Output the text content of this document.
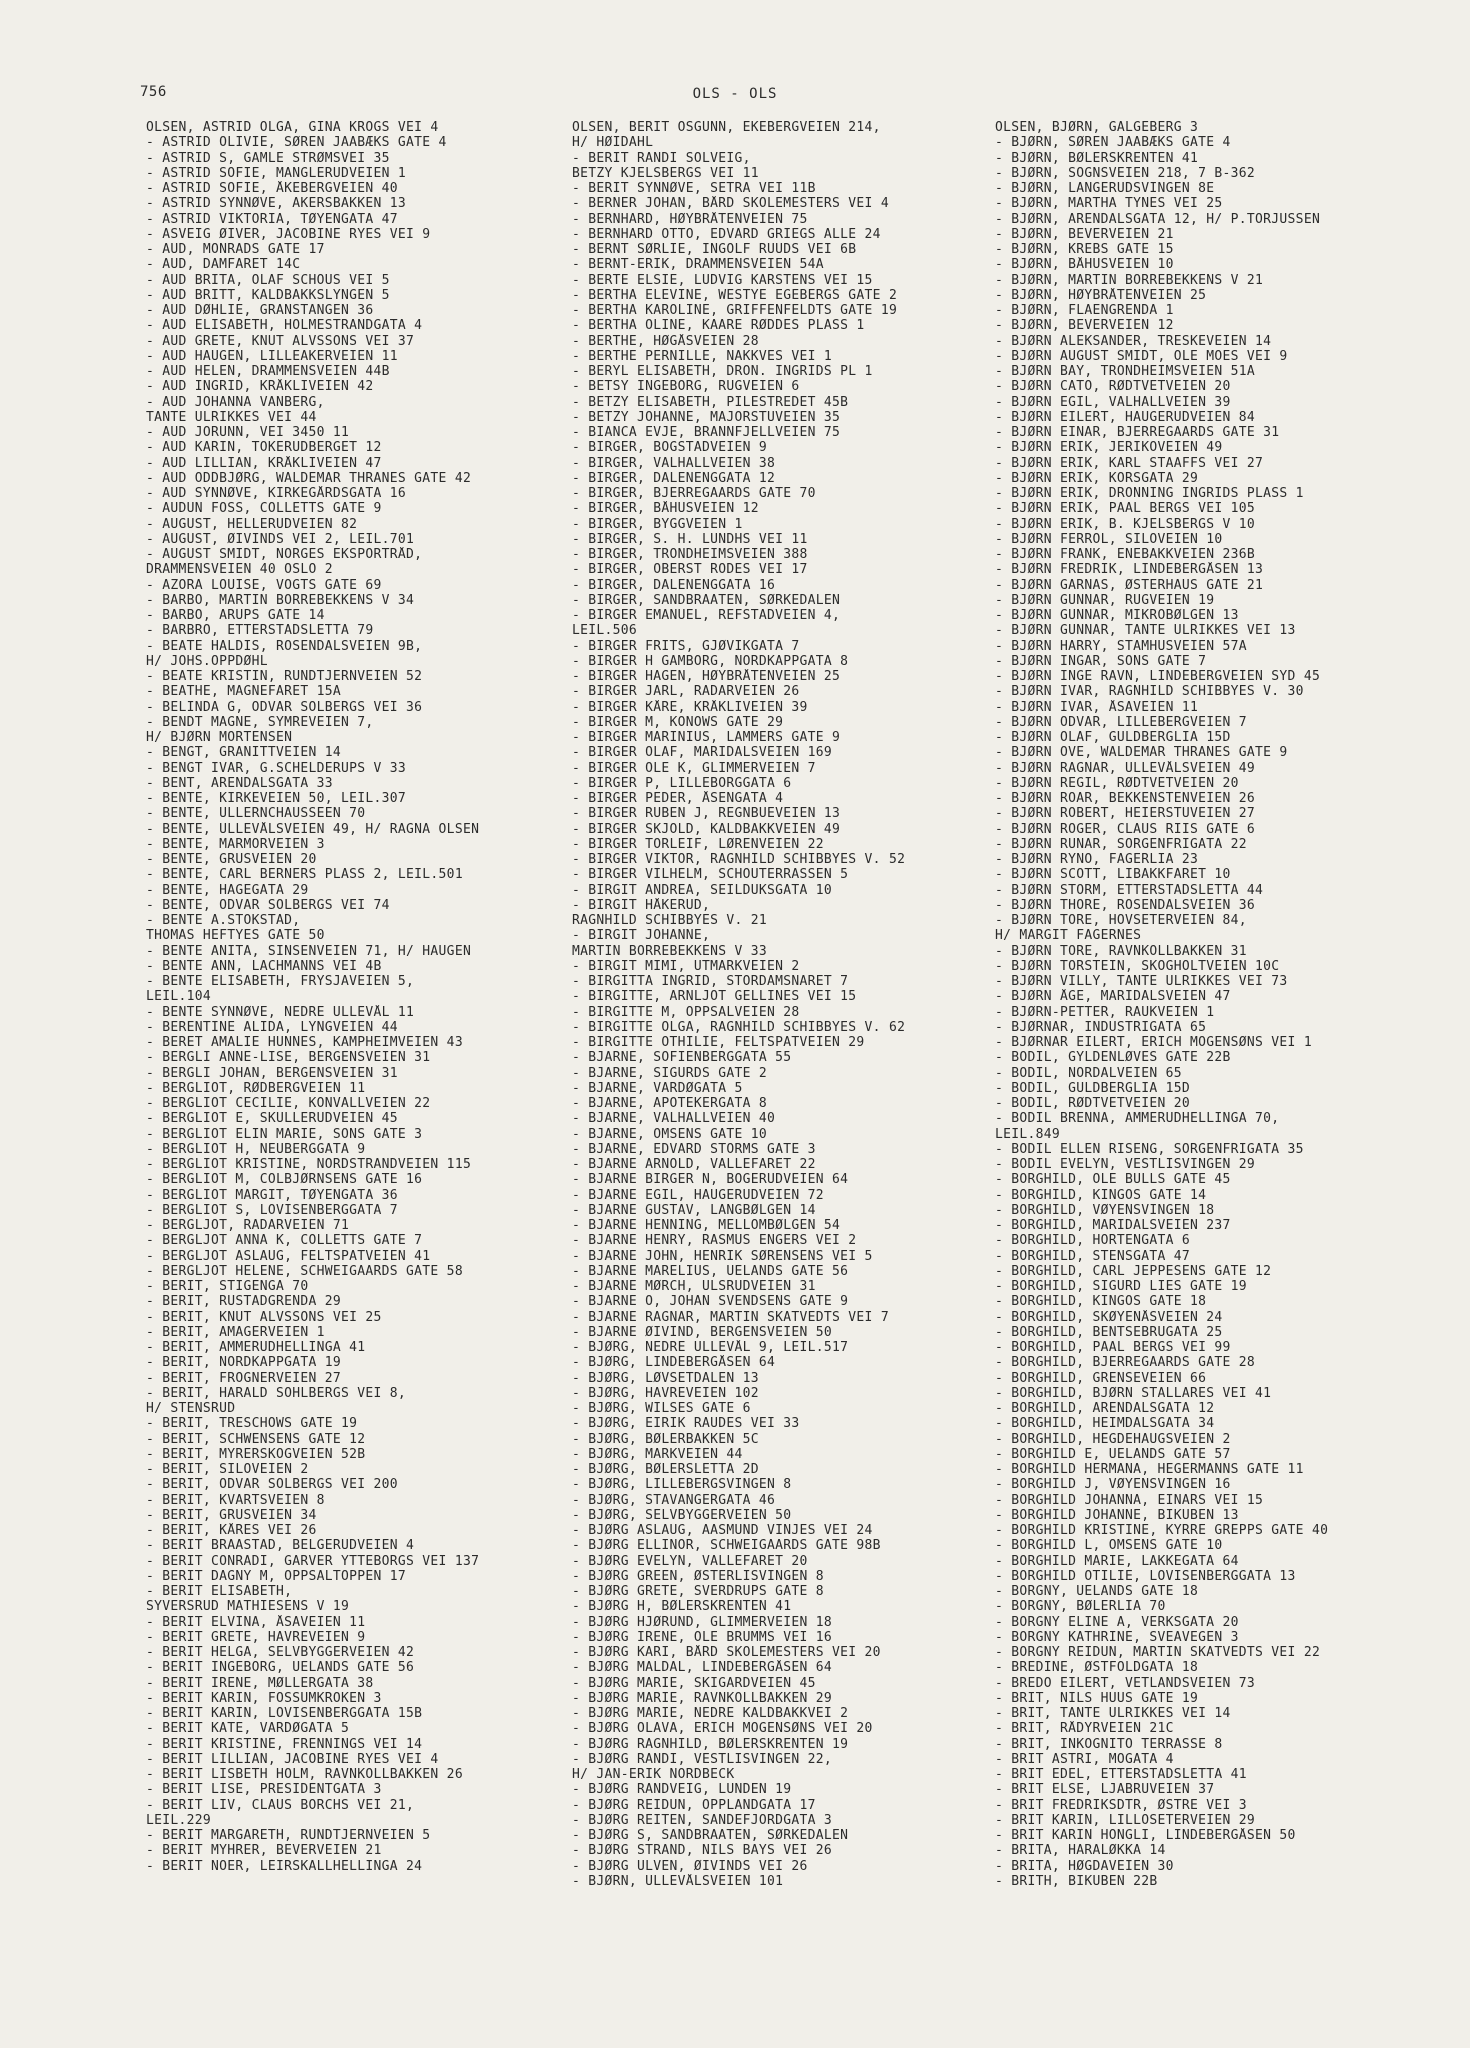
756	OLS - OLS
OLSEN, ASTRID OLGA, GINA KROGS VEI 4
- ASTRID OLIVIE, SØREN JAABÆKS GATE 4
- ASTRID S, GAMLE STRØMSVEI 35
- ASTRID SOFIE, MANGLERUDVEIEN 1
- ASTRID SOFIE, ÅKEBERGVEIEN 40
- ASTRID SYNNØVE, AKERSBAKKEN 13
- ASTRID VIKTORIA, TØYENGATA 47
- ASVEIG ØIVER, JACOBINE RYES VEI 9
- AUD, MONRADS GATE 17
- AUD, DAMFARET 14C
- AUD BRITA, OLAF SCHOUS VEI 5
- AUD BRITT, KALDBAKKSLYNGEN 5
- AUD DØHLIE, GRANSTANGEN 36
- AUD ELISABETH, HOLMESTRANDGATA 4
- AUD GRETE, KNUT ALVSSONS VEI 37
- AUD HAUGEN, LILLEAKERVEIEN 11
- AUD HELEN, DRAMMENSVEIEN 44B
- AUD INGRID, KRÅKLIVEIEN 42
- AUD JOHANNA VANBERG,
TANTE ULRIKKES VEI 44
- AUD JORUNN, VEI 3450 11
- AUD KARIN, TOKERUDBERGET 12
- AUD LILLIAN, KRÅKLIVEIEN 47
- AUD ODDBJØRG, WALDEMAR THRANES GATE 42
- AUD SYNNØVE, KIRKEGÅRDSGATA 16
- AUDUN FOSS, COLLETTS GATE 9
- AUGUST, HELLERUDVEIEN 82
- AUGUST, ØIVINDS VEI 2, LEIL.701
- AUGUST SMIDT, NORGES EKSPORTRÅD,
DRAMMENSVEIEN 40 OSLO 2
- AZORA LOUISE, VOGTS GATE 69
- BARBO, MARTIN BORREBEKKENS V 34
- BARBO, ARUPS GATE 14
- BARBRO, ETTERSTADSLETTA 79
- BEATE HALDIS, ROSENDALSVEIEN 9B,
H/ JOHS.OPPDØHL
- BEATE KRISTIN, RUNDTJERNVEIEN 52
- BEATHE, MAGNEFARET 15A
- BELINDA G, ODVAR SOLBERGS VEI 36
- BENDT MAGNE, SYMREVEIEN 7,
H/ BJØRN MORTENSEN
- BENGT, GRANITTVEIEN 14
- BENGT IVAR, G.SCHELDERUPS V 33
- BENT, ARENDALSGATA 33
- BENTE, KIRKEVEIEN 50, LEIL.307
- BENTE, ULLERNCHAUSSEEN 70
- BENTE, ULLEVÅLSVEIEN 49, H/ RAGNA OLSEN
- BENTE, MARMORVEIEN 3
- BENTE, GRUSVEIEN 20
- BENTE, CARL BERNERS PLASS 2, LEIL.501
- BENTE, HAGEGATA 29
- BENTE, ODVAR SOLBERGS VEI 74
- BENTE A.STOKSTAD,
THOMAS HEFTYES GATE 50
- BENTE ANITA, SINSENVEIEN 71, H/ HAUGEN
- BENTE ANN, LACHMANNS VEI 4B
- BENTE ELISABETH, FRYSJAVEIEN 5,
LEIL.104
- BENTE SYNNØVE, NEDRE ULLEVÅL 11
- BERENTINE ALIDA, LYNGVEIEN 44
- BERET AMALIE HUNNES, KAMPHEIMVEIEN 43
- BERGLI ANNE-LISE, BERGENSVEIEN 31
- BERGLI JOHAN, BERGENSVEIEN 31
- BERGLIOT, RØDBERGVEIEN 11
- BERGLIOT CECILIE, KONVALLVEIEN 22
- BERGLIOT E, SKULLERUDVEIEN 45
- BERGLIOT ELIN MARIE, SONS GATE 3
- BERGLIOT H, NEUBERGGATA 9
- BERGLIOT KRISTINE, NORDSTRANDVEIEN 115
- BERGLIOT M, COLBJØRNSENS GATE 16
- BERGLIOT MARGIT, TØYENGATA 36
- BERGLIOT S, LOVISENBERGGATA 7
- BERGLJOT, RADARVEIEN 71
- BERGLJOT ANNA K, COLLETTS GATE 7
- BERGLJOT ASLAUG, FELTSPATVEIEN 41
- BERGLJOT HELENE, SCHWEIGAARDS GATE 58
- BERIT, STIGENGA 70
- BERIT, RUSTADGRENDA 29
- BERIT, KNUT ALVSSONS VEI 25
- BERIT, AMAGERVEIEN 1
- BERIT, AMMERUDHELLINGA 41
- BERIT, NORDKAPPGATA 19
- BERIT, FROGNERVEIEN 27
- BERIT, HARALD SOHLBERGS VEI 8,
H/ STENSRUD
- BERIT, TRESCHOWS GATE 19
- BERIT, SCHWENSENS GATE 12
- BERIT, MYRERSKOGVEIEN 52B
- BERIT, SILOVEIEN 2
- BERIT, ODVAR SOLBERGS VEI 200
- BERIT, KVARTSVEIEN 8
- BERIT, GRUSVEIEN 34
- BERIT, KÅRES VEI 26
- BERIT BRAASTAD, BELGERUDVEIEN 4
- BERIT CONRADI, GARVER YTTEBORGS VEI 137
- BERIT DAGNY M, OPPSALTOPPEN 17
- BERIT ELISABETH,
SYVERSRUD MATHIESENS V 19
- BERIT ELVINA, ÅSAVEIEN 11
- BERIT GRETE, HAVREVEIEN 9
- BERIT HELGA, SELVBYGGERVEIEN 42
- BERIT INGEBORG, UELANDS GATE 56
- BERIT IRENE, MØLLERGATA 38
- BERIT KARIN, FOSSUMKROKEN 3
- BERIT KARIN, LOVISENBERGGATA 15B
- BERIT KATE, VARDØGATA 5
- BERIT KRISTINE, FRENNINGS VEI 14
- BERIT LILLIAN, JACOBINE RYES VEI 4
- BERIT LISBETH HOLM, RAVNKOLLBAKKEN 26
- BERIT LISE, PRESIDENTGATA 3
- BERIT LIV, CLAUS BORCHS VEI 21,
LEIL.229
- BERIT MARGARETH, RUNDTJERNVEIEN 5
- BERIT MYHRER, BEVERVEIEN 21
- BERIT NOER, LEIRSKALLHELLINGA 24
OLSEN, BERIT OSGUNN, EKEBERGVEIEN 214,
H/ HØIDAHL
- BERIT RANDI SOLVEIG,
BETZY KJELSBERGS VEI 11
- BERIT SYNNØVE, SETRA VEI 11B
- BERNER JOHAN, BÅRD SKOLEMESTERS VEI 4
- BERNHARD, HØYBRÅTENVEIEN 75
- BERNHARD OTTO, EDVARD GRIEGS ALLE 24
- BERNT SØRLIE, INGOLF RUUDS VEI 6B
- BERNT-ERIK, DRAMMENSVEIEN 54A
- BERTE ELSIE, LUDVIG KARSTENS VEI 15
- BERTHA ELEVINE, WESTYE EGEBERGS GATE 2
- BERTHA KAROLINE, GRIFFENFELDTS GATE 19
- BERTHA OLINE, KAARE RØDDES PLASS 1
- BERTHE, HØGÅSVEIEN 28
- BERTHE PERNILLE, NAKKVES VEI 1
- BERYL ELISABETH, DRON. INGRIDS PL 1
- BETSY INGEBORG, RUGVEIEN 6
- BETZY ELISABETH, PILESTREDET 45B
- BETZY JOHANNE, MAJORSTUVEIEN 35
- BIANCA EVJE, BRANNFJELLVEIEN 75
- BIRGER, BOGSTADVEIEN 9
- BIRGER, VALHALLVEIEN 38
- BIRGER, DALENENGGATA 12
- BIRGER, BJERREGAARDS GATE 70
- BIRGER, BÅHUSVEIEN 12
- BIRGER, BYGGVEIEN 1
- BIRGER, S. H. LUNDHS VEI 11
- BIRGER, TRONDHEIMSVEIEN 388
- BIRGER, OBERST RODES VEI 17
- BIRGER, DALENENGGATA 16
- BIRGER, SANDBRAATEN, SØRKEDALEN
- BIRGER EMANUEL, REFSTADVEIEN 4,
LEIL.506
- BIRGER FRITS, GJØVIKGATA 7
- BIRGER H GAMBORG, NORDKAPPGATA 8
- BIRGER HAGEN, HØYBRÅTENVEIEN 25
- BIRGER JARL, RADARVEIEN 26
- BIRGER KÅRE, KRÅKLIVEIEN 39
- BIRGER M, KONOWS GATE 29
- BIRGER MARINIUS, LAMMERS GATE 9
- BIRGER OLAF, MARIDALSVEIEN 169
- BIRGER OLE K, GLIMMERVEIEN 7
- BIRGER P, LILLEBORGGATA 6
- BIRGER PEDER, ÅSENGATA 4
- BIRGER RUBEN J, REGNBUEVEIEN 13
- BIRGER SKJOLD, KALDBAKKVEIEN 49
- BIRGER TORLEIF, LØRENVEIEN 22
- BIRGER VIKTOR, RAGNHILD SCHIBBYES V. 52
- BIRGER VILHELM, SCHOUTERRASSEN 5
- BIRGIT ANDREA, SEILDUKSGATA 10
- BIRGIT HÅKERUD,
RAGNHILD SCHIBBYES V. 21
- BIRGIT JOHANNE,
MARTIN BORREBEKKENS V 33
- BIRGIT MIMI, UTMARKVEIEN 2
- BIRGITTA INGRID, STORDAMSNARET 7
- BIRGITTE, ARNLJOT GELLINES VEI 15
- BIRGITTE M, OPPSALVEIEN 28
- BIRGITTE OLGA, RAGNHILD SCHIBBYES V. 62
- BIRGITTE OTHILIE, FELTSPATVEIEN 29
- BJARNE, SOFIENBERGGATA 55
- BJARNE, SIGURDS GATE 2
- BJARNE, VARDØGATA 5
- BJARNE, APOTEKERGATA 8
- BJARNE, VALHALLVEIEN 40
- BJARNE, OMSENS GATE 10
- BJARNE, EDVARD STORMS GATE 3
- BJARNE ARNOLD, VALLEFARET 22
- BJARNE BIRGER N, BOGERUDVEIEN 64
- BJARNE EGIL, HAUGERUDVEIEN 72
- BJARNE GUSTAV, LANGBØLGEN 14
- BJARNE HENNING, MELLOMBØLGEN 54
- BJARNE HENRY, RASMUS ENGERS VEI 2
- BJARNE JOHN, HENRIK SØRENSENS VEI 5
- BJARNE MARELIUS, UELANDS GATE 56
- BJARNE MØRCH, ULSRUDVEIEN 31
- BJARNE O, JOHAN SVENDSENS GATE 9
- BJARNE RAGNAR, MARTIN SKATVEDTS VEI 7
- BJARNE ØIVIND, BERGENSVEIEN 50
- BJØRG, NEDRE ULLEVÅL 9, LEIL.517
- BJØRG, LINDEBERGÅSEN 64
- BJØRG, LØVSETDALEN 13
- BJØRG, HAVREVEIEN 102
- BJØRG, WILSES GATE 6
- BJØRG, EIRIK RAUDES VEI 33
- BJØRG, BØLERBAKKEN 5C
- BJØRG, MARKVEIEN 44
- BJØRG, BØLERSLETTA 2D
- BJØRG, LILLEBERGSVINGEN 8
- BJØRG, STAVANGERGATA 46
- BJØRG, SELVBYGGERVEIEN 50
- BJØRG ASLAUG, AASMUND VINJES VEI 24
- BJØRG ELLINOR, SCHWEIGAARDS GATE 98B
- BJØRG EVELYN, VALLEFARET 20
- BJØRG GREEN, ØSTERLISVINGEN 8
- BJØRG GRETE, SVERDRUPS GATE 8
- BJØRG H, BØLERSKRENTEN 41
- BJØRG HJØRUND, GLIMMERVEIEN 18
- BJØRG IRENE, OLE BRUMMS VEI 16
- BJØRG KARI, BÅRD SKOLEMESTERS VEI 20
- BJØRG MALDAL, LINDEBERGÅSEN 64
- BJØRG MARIE, SKIGARDVEIEN 45
- BJØRG MARIE, RAVNKOLLBAKKEN 29
- BJØRG MARIE, NEDRE KALDBAKKVEI 2
- BJØRG OLAVA, ERICH MOGENSØNS VEI 20
- BJØRG RAGNHILD, BØLERSKRENTEN 19
- BJØRG RANDI, VESTLISVINGEN 22,
H/ JAN-ERIK NORDBECK
- BJØRG RANDVEIG, LUNDEN 19
- BJØRG REIDUN, OPPLANDGATA 17
- BJØRG REITEN, SANDEFJORDGATA 3
- BJØRG S, SANDBRAATEN, SØRKEDALEN
- BJØRG STRAND, NILS BAYS VEI 26
- BJØRG ULVEN, ØIVINDS VEI 26
- BJØRN, ULLEVÅLSVEIEN 101
OLSEN, BJØRN, GALGEBERG 3
- BJØRN, SØREN JAABÆKS GATE 4
- BJØRN, BØLERSKRENTEN 41
- BJØRN, SOGNSVEIEN 218, 7 B-362
- BJØRN, LANGERUDSVINGEN 8E
- BJØRN, MARTHA TYNES VEI 25
- BJØRN, ARENDALSGATA 12, H/ P.TORJUSSEN
- BJØRN, BEVERVEIEN 21
- BJØRN, KREBS GATE 15
- BJØRN, BÅHUSVEIEN 10
- BJØRN, MARTIN BORREBEKKENS V 21
- BJØRN, HØYBRÅTENVEIEN 25
- BJØRN, FLAENGRENDA 1
- BJØRN, BEVERVEIEN 12
- BJØRN ALEKSANDER, TRESKEVEIEN 14
- BJØRN AUGUST SMIDT, OLE MOES VEI 9
- BJØRN BAY, TRONDHEIMSVEIEN 51A
- BJØRN CATO, RØDTVETVEIEN 20
- BJØRN EGIL, VALHALLVEIEN 39
- BJØRN EILERT, HAUGERUDVEIEN 84
- BJØRN EINAR, BJERREGAARDS GATE 31
- BJØRN ERIK, JERIKOVEIEN 49
- BJØRN ERIK, KARL STAAFFS VEI 27
- BJØRN ERIK, KORSGATA 29
- BJØRN ERIK, DRONNING INGRIDS PLASS 1
- BJØRN ERIK, PAAL BERGS VEI 105
- BJØRN ERIK, B. KJELSBERGS V 10
- BJØRN FERROL, SILOVEIEN 10
- BJØRN FRANK, ENEBAKKVEIEN 236B
- BJØRN FREDRIK, LINDEBERGÅSEN 13
- BJØRN GARNAS, ØSTERHAUS GATE 21
- BJØRN GUNNAR, RUGVEIEN 19
- BJØRN GUNNAR, MIKROBØLGEN 13
- BJØRN GUNNAR, TANTE ULRIKKES VEI 13
- BJØRN HARRY, STAMHUSVEIEN 57A
- BJØRN INGAR, SONS GATE 7
- BJØRN INGE RAVN, LINDEBERGVEIEN SYD 45
- BJØRN IVAR, RAGNHILD SCHIBBYES V. 30
- BJØRN IVAR, ÅSAVEIEN 11
- BJØRN ODVAR, LILLEBERGVEIEN 7
- BJØRN OLAF, GULDBERGLIA 15D
- BJØRN OVE, WALDEMAR THRANES GATE 9
- BJØRN RAGNAR, ULLEVÅLSVEIEN 49
- BJØRN REGIL, RØDTVETVEIEN 20
- BJØRN ROAR, BEKKENSTENVEIEN 26
- BJØRN ROBERT, HEIERSTUVEIEN 27
- BJØRN ROGER, CLAUS RIIS GATE 6
- BJØRN RUNAR, SORGENFRIGATA 22
- BJØRN RYNO, FAGERLIA 23
- BJØRN SCOTT, LIBAKKFARET 10
- BJØRN STORM, ETTERSTADSLETTA 44
- BJØRN THORE, ROSENDALSVEIEN 36
- BJØRN TORE, HOVSETERVEIEN 84,
H/ MARGIT FAGERNES
- BJØRN TORE, RAVNKOLLBAKKEN 31
- BJØRN TORSTEIN, SKOGHOLTVEIEN 10C
- BJØRN VILLY, TANTE ULRIKKES VEI 73
- BJØRN ÅGE, MARIDALSVEIEN 47
- BJØRN-PETTER, RAUKVEIEN 1
- BJØRNAR, INDUSTRIGATA 65
- BJØRNAR EILERT, ERICH MOGENSØNS VEI 1
- BODIL, GYLDENLØVES GATE 22B
- BODIL, NORDALVEIEN 65
- BODIL, GULDBERGLIA 15D
- BODIL, RØDTVETVEIEN 20
- BODIL BRENNA, AMMERUDHELLINGA 70,
LEIL.849
- BODIL ELLEN RISENG, SORGENFRIGATA 35
- BODIL EVELYN, VESTLISVINGEN 29
- BORGHILD, OLE BULLS GATE 45
- BORGHILD, KINGOS GATE 14
- BORGHILD, VØYENSVINGEN 18
- BORGHILD, MARIDALSVEIEN 237
- BORGHILD, HORTENGATA 6
- BORGHILD, STENSGATA 47
- BORGHILD, CARL JEPPESENS GATE 12
- BORGHILD, SIGURD LIES GATE 19
- BORGHILD, KINGOS GATE 18
- BORGHILD, SKØYENÅSVEIEN 24
- BORGHILD, BENTSEBRUGATA 25
- BORGHILD, PAAL BERGS VEI 99
- BORGHILD, BJERREGAARDS GATE 28
- BORGHILD, GRENSEVEIEN 66
- BORGHILD, BJØRN STALLARES VEI 41
- BORGHILD, ARENDALSGATA 12
- BORGHILD, HEIMDALSGATA 34
- BORGHILD, HEGDEHAUGSVEIEN 2
- BORGHILD E, UELANDS GATE 57
- BORGHILD HERMANA, HEGERMANNS GATE 11
- BORGHILD J, VØYENSVINGEN 16
- BORGHILD JOHANNA, EINARS VEI 15
- BORGHILD JOHANNE, BIKUBEN 13
- BORGHILD KRISTINE, KYRRE GREPPS GATE 40
- BORGHILD L, OMSENS GATE 10
- BORGHILD MARIE, LAKKEGATA 64
- BORGHILD OTILIE, LOVISENBERGGATA 13
- BORGNY, UELANDS GATE 18
- BORGNY, BØLERLIA 70
- BORGNY ELINE A, VERKSGATA 20
- BORGNY KATHRINE, SVEAVEGEN 3
- BORGNY REIDUN, MARTIN SKATVEDTS VEI 22
- BREDINE, ØSTFOLDGATA 18
- BREDO EILERT, VETLANDSVEIEN 73
- BRIT, NILS HUUS GATE 19
- BRIT, TANTE ULRIKKES VEI 14
- BRIT, RÅDYRVEIEN 21C
- BRIT, INKOGNITO TERRASSE 8
- BRIT ASTRI, MOGATA 4
- BRIT EDEL, ETTERSTADSLETTA 41
- BRIT ELSE, LJABRUVEIEN 37
- BRIT FREDRIKSDTR, ØSTRE VEI 3
- BRIT KARIN, LILLOSETERVEIEN 29
- BRIT KARIN HONGLI, LINDEBERGÅSEN 50
- BRITA, HARALØKKA 14
- BRITA, HØGDAVEIEN 30
- BRITH, BIKUBEN 22B
